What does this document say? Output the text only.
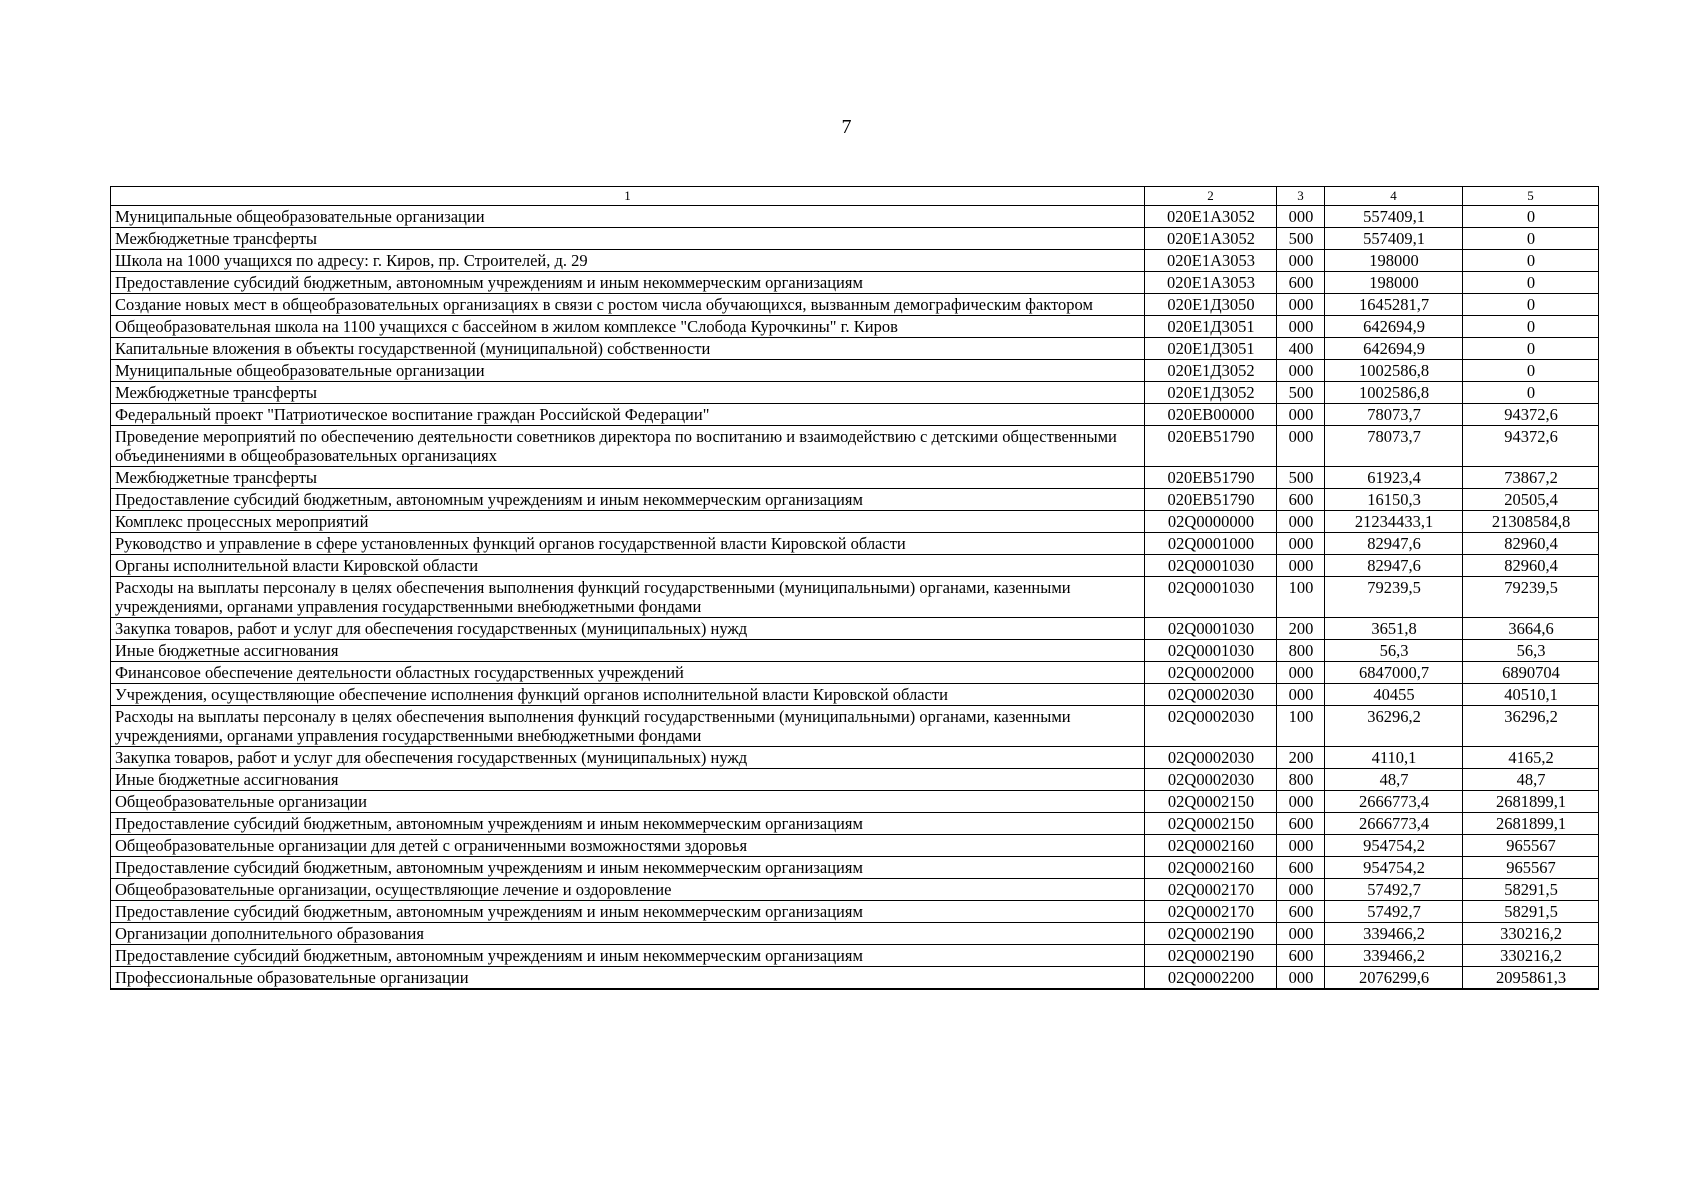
7
1	2	3	4	5
Муниципальные общеобразовательные организации	020E1A3052	000	557409,1	0
Межбюджетные трансферты	020E1A3052	500	557409,1	0
Школа на 1000 учащихся по адресу: г. Киров, пр. Строителей, д. 29	020E1A3053	000	198000	0
Предоставление субсидий бюджетным, автономным учреждениям и иным некоммерческим организациям	020E1A3053	600	198000	0
Создание новых мест в общеобразовательных организациях в связи с ростом числа обучающихся, вызванным демографическим фактором	020E1Д3050	000	1645281,7	0
Общеобразовательная школа на 1100 учащихся с бассейном в жилом комплексе "Слобода Курочкины" г. Киров	020E1Д3051	000	642694,9	0
Капитальные вложения в объекты государственной (муниципальной) собственности	020E1Д3051	400	642694,9	0
Муниципальные общеобразовательные организации	020E1Д3052	000	1002586,8	0
Межбюджетные трансферты	020E1Д3052	500	1002586,8	0
Федеральный проект "Патриотическое воспитание граждан Российской Федерации"	020EB00000	000	78073,7	94372,6
Проведение мероприятий по обеспечению деятельности советников директора по воспитанию и взаимодействию с детскими общественными объединениями в общеобразовательных организациях	020EB51790	000	78073,7	94372,6
Межбюджетные трансферты	020EB51790	500	61923,4	73867,2
Предоставление субсидий бюджетным, автономным учреждениям и иным некоммерческим организациям	020EB51790	600	16150,3	20505,4
Комплекс процессных мероприятий	02Q0000000	000	21234433,1	21308584,8
Руководство и управление в сфере установленных функций органов государственной власти Кировской области	02Q0001000	000	82947,6	82960,4
Органы исполнительной власти Кировской области	02Q0001030	000	82947,6	82960,4
Расходы на выплаты персоналу в целях обеспечения выполнения функций государственными (муниципальными) органами, казенными учреждениями, органами управления государственными внебюджетными фондами	02Q0001030	100	79239,5	79239,5
Закупка товаров, работ и услуг для обеспечения государственных (муниципальных) нужд	02Q0001030	200	3651,8	3664,6
Иные бюджетные ассигнования	02Q0001030	800	56,3	56,3
Финансовое обеспечение деятельности областных государственных учреждений	02Q0002000	000	6847000,7	6890704
Учреждения, осуществляющие обеспечение исполнения функций органов исполнительной власти Кировской области	02Q0002030	000	40455	40510,1
Расходы на выплаты персоналу в целях обеспечения выполнения функций государственными (муниципальными) органами, казенными учреждениями, органами управления государственными внебюджетными фондами	02Q0002030	100	36296,2	36296,2
Закупка товаров, работ и услуг для обеспечения государственных (муниципальных) нужд	02Q0002030	200	4110,1	4165,2
Иные бюджетные ассигнования	02Q0002030	800	48,7	48,7
Общеобразовательные организации	02Q0002150	000	2666773,4	2681899,1
Предоставление субсидий бюджетным, автономным учреждениям и иным некоммерческим организациям	02Q0002150	600	2666773,4	2681899,1
Общеобразовательные организации для детей с ограниченными возможностями здоровья	02Q0002160	000	954754,2	965567
Предоставление субсидий бюджетным, автономным учреждениям и иным некоммерческим организациям	02Q0002160	600	954754,2	965567
Общеобразовательные организации, осуществляющие лечение и оздоровление	02Q0002170	000	57492,7	58291,5
Предоставление субсидий бюджетным, автономным учреждениям и иным некоммерческим организациям	02Q0002170	600	57492,7	58291,5
Организации дополнительного образования	02Q0002190	000	339466,2	330216,2
Предоставление субсидий бюджетным, автономным учреждениям и иным некоммерческим организациям	02Q0002190	600	339466,2	330216,2
Профессиональные образовательные организации	02Q0002200	000	2076299,6	2095861,3
